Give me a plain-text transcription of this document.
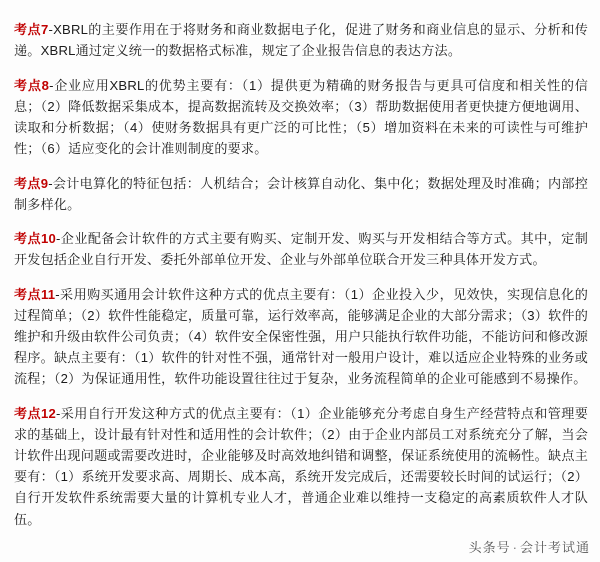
考点7-XBRL的主要作用在于将财务和商业数据电子化，促进了财务和商业信息的显示、分析和传递。XBRL通过定义统一的数据格式标准，规定了企业报告信息的表达方法。

考点8-企业应用XBRL的优势主要有：（1）提供更为精确的财务报告与更具可信度和相关性的信息；（2）降低数据采集成本，提高数据流转及交换效率；（3）帮助数据使用者更快捷方便地调用、读取和分析数据；（4）使财务数据具有更广泛的可比性；（5）增加资料在未来的可读性与可维护性；（6）适应变化的会计准则制度的要求。

考点9-会计电算化的特征包括：人机结合；会计核算自动化、集中化；数据处理及时准确；内部控制多样化。

考点10-企业配备会计软件的方式主要有购买、定制开发、购买与开发相结合等方式。其中，定制开发包括企业自行开发、委托外部单位开发、企业与外部单位联合开发三种具体开发方式。

考点11-采用购买通用会计软件这种方式的优点主要有：（1）企业投入少，见效快，实现信息化的过程简单；（2）软件性能稳定，质量可靠，运行效率高，能够满足企业的大部分需求；（3）软件的维护和升级由软件公司负责；（4）软件安全保密性强，用户只能执行软件功能，不能访问和修改源程序。缺点主要有：（1）软件的针对性不强，通常针对一般用户设计，难以适应企业特殊的业务或流程；（2）为保证通用性，软件功能设置往往过于复杂，业务流程简单的企业可能感到不易操作。

考点12-采用自行开发这种方式的优点主要有：（1）企业能够充分考虑自身生产经营特点和管理要求的基础上，设计最有针对性和适用性的会计软件；（2）由于企业内部员工对系统充分了解，当会计软件出现问题或需要改进时，企业能够及时高效地纠错和调整，保证系统使用的流畅性。缺点主要有：（1）系统开发要求高、周期长、成本高，系统开发完成后，还需要较长时间的试运行；（2）自行开发软件系统需要大量的计算机专业人才，普通企业难以维持一支稳定的高素质软件人才队伍。

头条号 · 会计考试通
